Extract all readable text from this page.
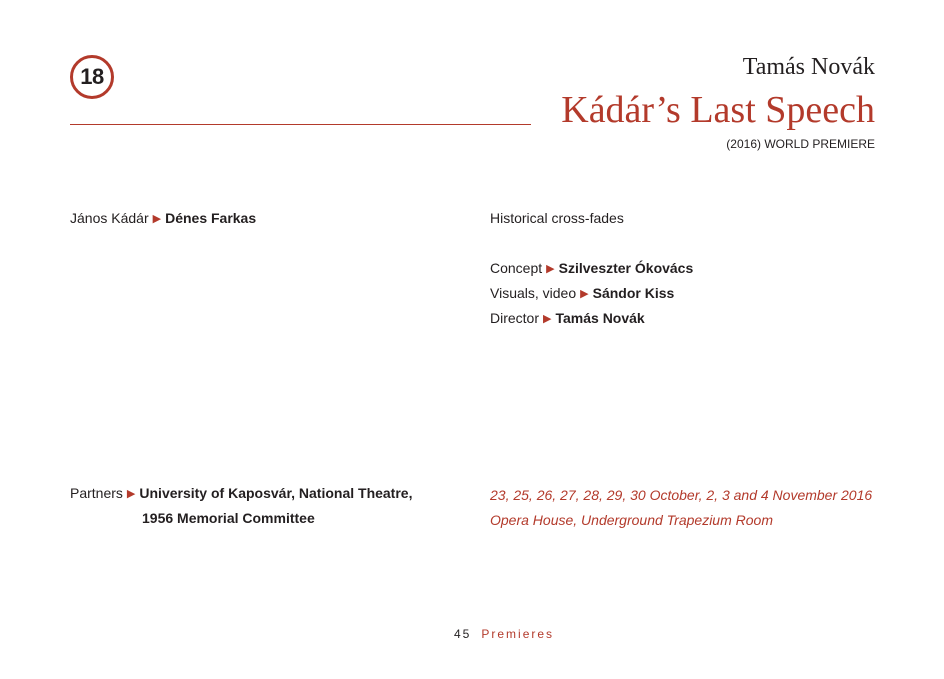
18	Tamás Novák
Kádár’s Last Speech
(2016) WORLD PREMIERE
János Kádár ▶ Dénes Farkas	Historical cross-fades
Concept ▶ Szilveszter Ókovács
Visuals, video ▶ Sándor Kiss
Director ▶ Tamás Novák
Partners ▶ University of Kaposvár, National Theatre,
1956 Memorial Committee
23, 25, 26, 27, 28, 29, 30 October, 2, 3 and 4 November 2016
Opera House, Underground Trapezium Room
45 Premieres
